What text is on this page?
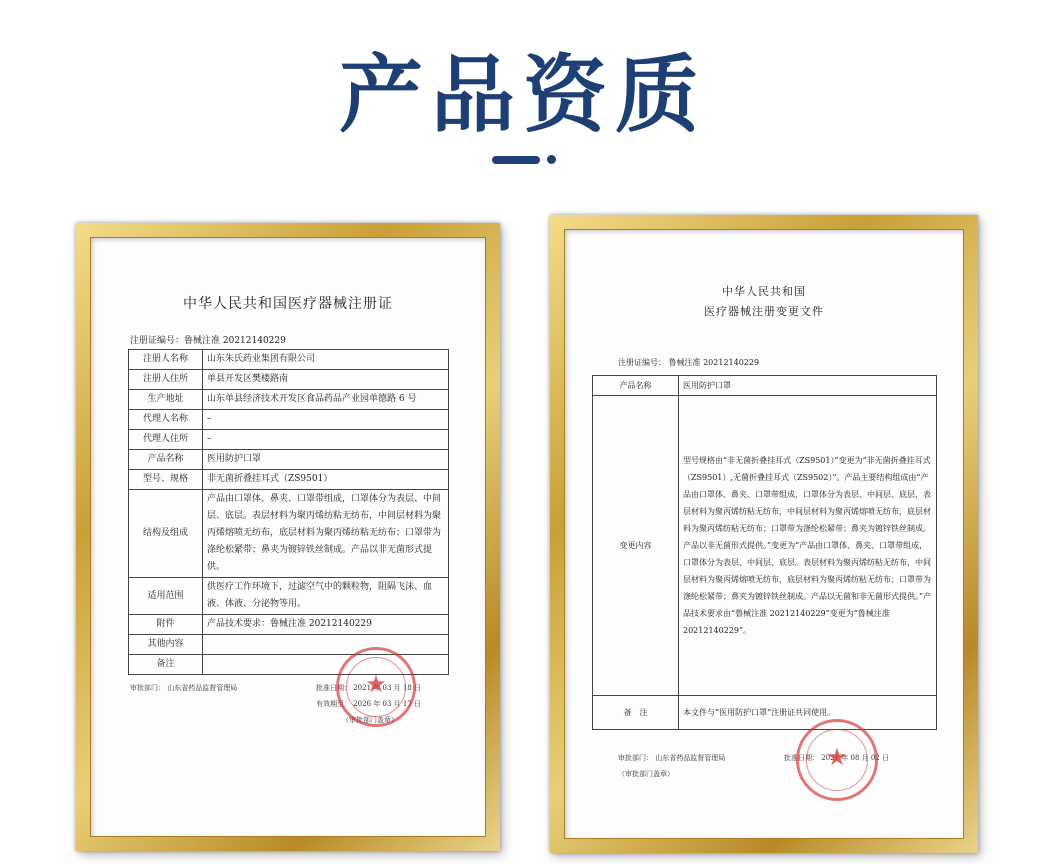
产品资质
中华人民共和国医疗器械注册证
注册证编号：鲁械注准 20212140229
注册人名称	山东朱氏药业集团有限公司
注册人住所	单县开发区樊楼路南
生产地址	山东单县经济技术开发区食品药品产业园单德路 6 号
代理人名称	–
代理人住所	–
产品名称	医用防护口罩
型号、规格	非无菌折叠挂耳式（ZS9501）
结构及组成	产品由口罩体、鼻夹、口罩带组成，口罩体分为表层、中间层、底层。表层材料为聚丙烯纺粘无纺布，中间层材料为聚丙烯熔喷无纺布，底层材料为聚丙烯纺粘无纺布；口罩带为涤纶松紧带；鼻夹为镀锌铁丝制成。产品以非无菌形式提供。
适用范围	供医疗工作环境下，过滤空气中的颗粒物，阻隔飞沫、血液、体液、分泌物等用。
附件	产品技术要求：鲁械注准 20212140229
其他内容	
备注	
审批部门： 山东省药品监督管理局	批准日期： 2021 年 03 月 18 日
有效期至： 2026 年 03 月 17 日
（审批部门盖章）
★
中华人民共和国
医疗器械注册变更文件
注册证编号： 鲁械注准 20212140229
产品名称	医用防护口罩
变更内容	型号规格由“非无菌折叠挂耳式（ZS9501）”变更为“非无菌折叠挂耳式（ZS9501）,无菌折叠挂耳式（ZS9502）”。产品主要结构组成由“产品由口罩体、鼻夹、口罩带组成，口罩体分为表层、中间层、底层，表层材料为聚丙烯纺粘无纺布，中间层材料为聚丙烯熔喷无纺布，底层材料为聚丙烯纺粘无纺布；口罩带为涤纶松紧带；鼻夹为镀锌铁丝制成。产品以非无菌形式提供。”变更为“产品由口罩体、鼻夹、口罩带组成，口罩体分为表层、中间层、底层。表层材料为聚丙烯纺粘无纺布，中间层材料为聚丙烯熔喷无纺布，底层材料为聚丙烯纺粘无纺布；口罩带为涤纶松紧带；鼻夹为镀锌铁丝制成。产品以无菌和非无菌形式提供。”产品技术要求由“鲁械注准 20212140229”变更为“鲁械注准 20212140229”。
备　注	本文件与“医用防护口罩”注册证共同使用。
审批部门： 山东省药品监督管理局	批准日期： 2021 年 08 月 02 日
（审批部门盖章）
★
